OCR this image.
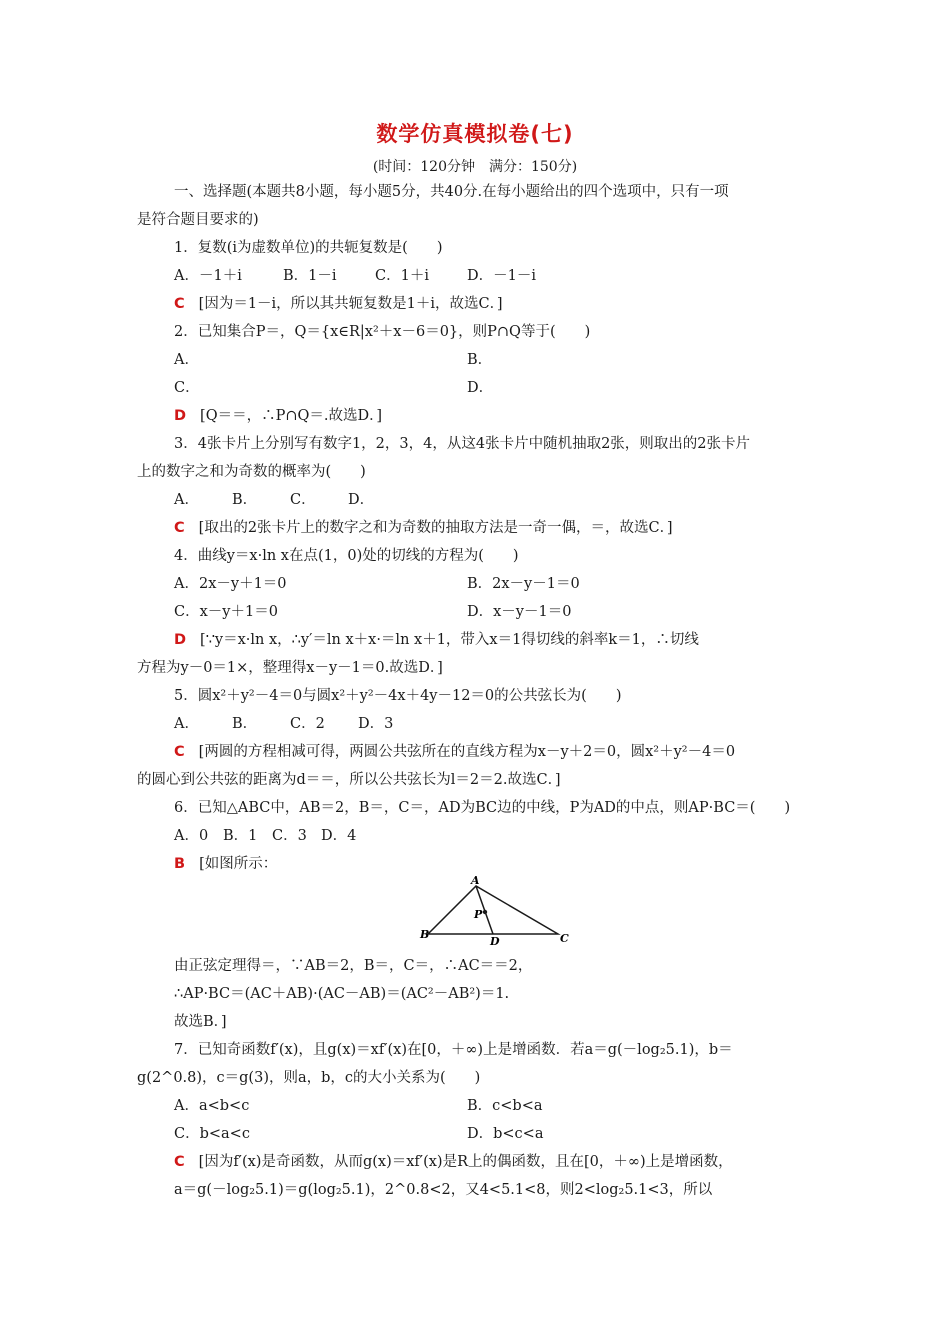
数学仿真模拟卷(七)
(时间：120分钟　满分：150分)
一、选择题(本题共8小题，每小题5分，共40分.在每小题给出的四个选项中，只有一项
是符合题目要求的)
1．复数(i为虚数单位)的共轭复数是(　　)
A．－1＋i	B．1－i	C．1＋i	D．－1－i
C [因为＝1－i，所以其共轭复数是1＋i，故选C．]
2．已知集合P＝，Q＝{x∈R|x²＋x－6＝0}，则P∩Q等于(　　)
A．	B．
C．	D．
D [Q＝＝，∴P∩Q＝.故选D．]
3．4张卡片上分别写有数字1，2，3，4，从这4张卡片中随机抽取2张，则取出的2张卡片
上的数字之和为奇数的概率为(　　)
A． B． C． D．
C [取出的2张卡片上的数字之和为奇数的抽取方法是一奇一偶，＝，故选C．]
4．曲线y＝x·ln x在点(1，0)处的切线的方程为(　　)
A．2x－y＋1＝0	B．2x－y－1＝0
C．x－y＋1＝0	D．x－y－1＝0
D [∵y＝x·ln x，∴y′＝ln x＋x·＝ln x＋1，带入x＝1得切线的斜率k＝1，∴切线
方程为y－0＝1×，整理得x－y－1＝0.故选D．]
5．圆x²＋y²－4＝0与圆x²＋y²－4x＋4y－12＝0的公共弦长为(　　)
A． B． C．2 D．3
C [两圆的方程相减可得，两圆公共弦所在的直线方程为x－y＋2＝0，圆x²＋y²－4＝0
的圆心到公共弦的距离为d＝＝，所以公共弦长为l＝2＝2.故选C．]
6．已知△ABC中，AB＝2，B＝，C＝，AD为BC边的中线，P为AD的中点，则AP·BC＝(　　)
A．0 B．1 C．3 D．4
B [如图所示：
A
P
B
D	C
由正弦定理得＝，∵AB＝2，B＝，C＝，∴AC＝＝2，
∴AP·BC＝(AC＋AB)·(AC－AB)＝(AC²－AB²)＝1.
故选B．]
7．已知奇函数f′(x)，且g(x)＝xf′(x)在[0，＋∞)上是增函数．若a＝g(－log₂5.1)，b＝
g(2^0.8)，c＝g(3)，则a，b，c的大小关系为(　　)
A．a<b<c	B．c<b<a
C．b<a<c	D．b<c<a
C [因为f′(x)是奇函数，从而g(x)＝xf′(x)是R上的偶函数，且在[0，＋∞)上是增函数，
a＝g(－log₂5.1)＝g(log₂5.1)，2^0.8<2，又4<5.1<8，则2<log₂5.1<3，所以
